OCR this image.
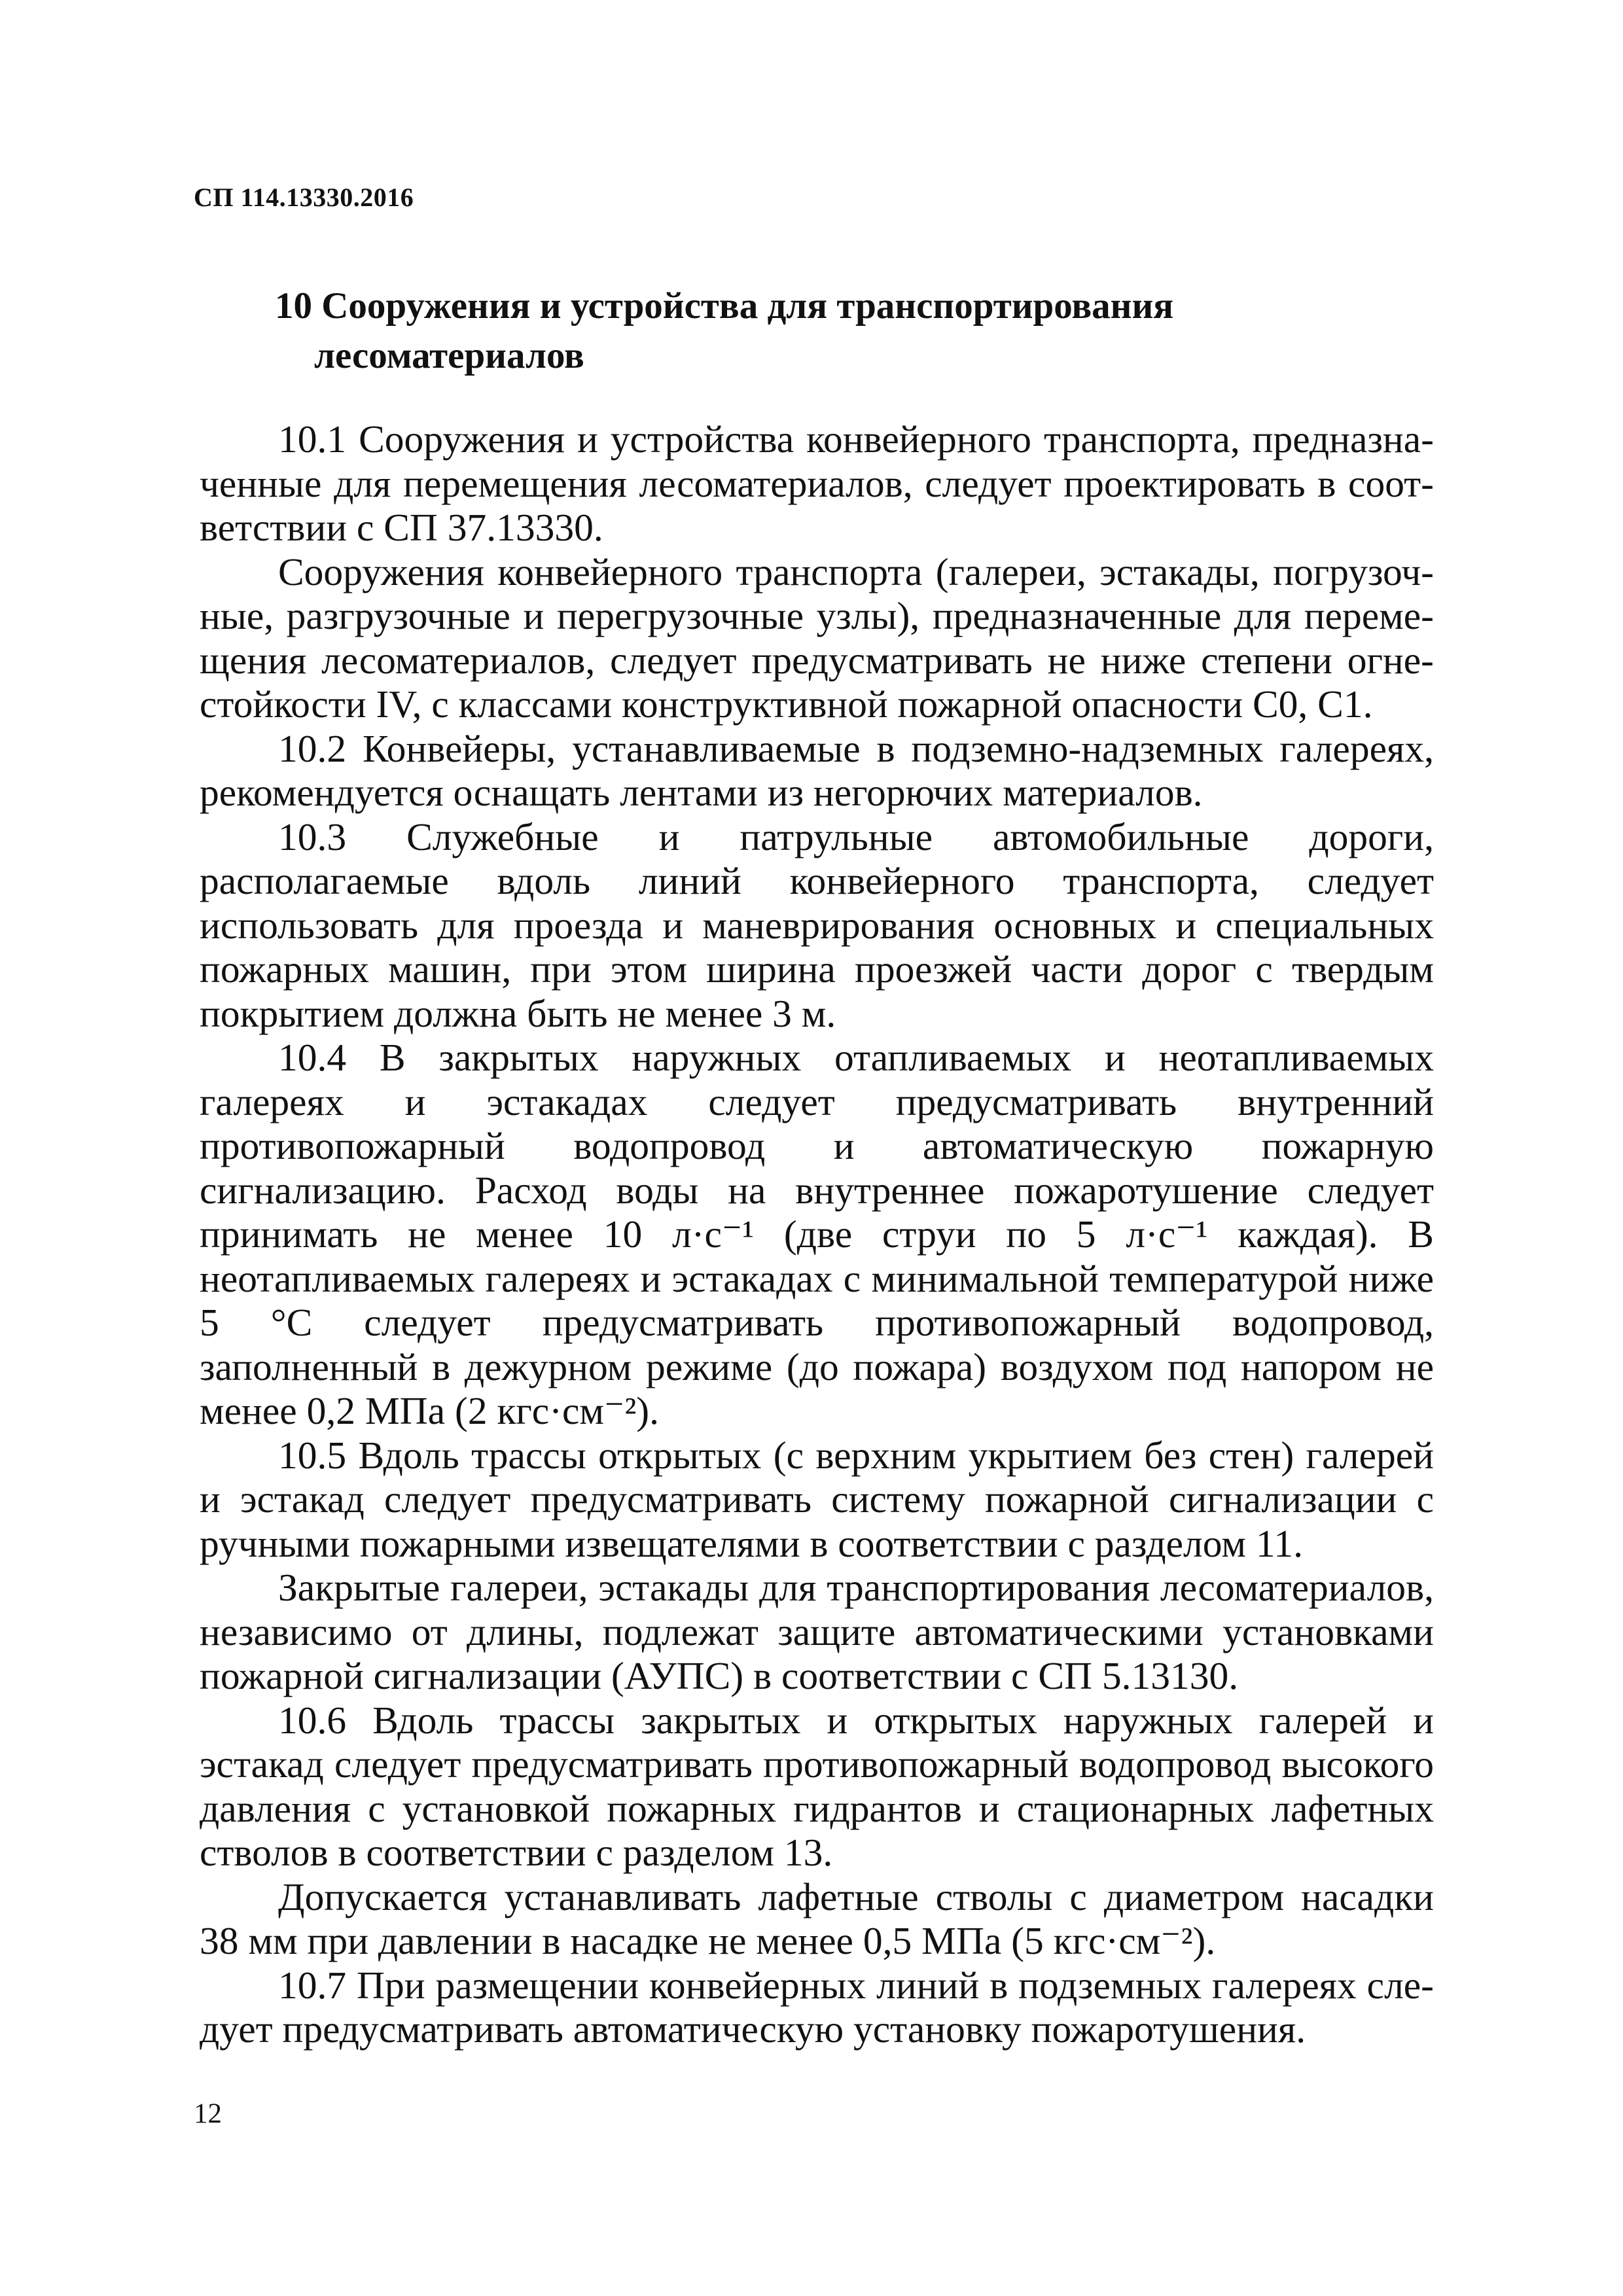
СП 114.13330.2016
10 Сооружения и устройства для транспортирования
лесоматериалов

10.1 Сооружения и устройства конвейерного транспорта, предназначенные для перемещения лесоматериалов, следует проектировать в соответствии с СП 37.13330.

Сооружения конвейерного транспорта (галереи, эстакады, погрузочные, разгрузочные и перегрузочные узлы), предназначенные для перемещения лесоматериалов, следует предусматривать не ниже степени огнестойкости IV, с классами конструктивной пожарной опасности С0, С1.

10.2 Конвейеры, устанавливаемые в подземно-надземных галереях, рекомендуется оснащать лентами из негорючих материалов.

10.3 Служебные и патрульные автомобильные дороги, располагаемые вдоль линий конвейерного транспорта, следует использовать для проезда и маневрирования основных и специальных пожарных машин, при этом ширина проезжей части дорог с твердым покрытием должна быть не менее 3 м.

10.4 В закрытых наружных отапливаемых и неотапливаемых галереях и эстакадах следует предусматривать внутренний противопожарный водопровод и автоматическую пожарную сигнализацию. Расход воды на внутреннее пожаротушение следует принимать не менее 10 л·с⁻¹ (две струи по 5 л·с⁻¹ каждая). В неотапливаемых галереях и эстакадах с минимальной температурой ниже 5 °С следует предусматривать противопожарный водопровод, заполненный в дежурном режиме (до пожара) воздухом под напором не менее 0,2 МПа (2 кгс·см⁻²).

10.5 Вдоль трассы открытых (с верхним укрытием без стен) галерей и эстакад следует предусматривать систему пожарной сигнализации с ручными пожарными извещателями в соответствии с разделом 11.

Закрытые галереи, эстакады для транспортирования лесоматериалов, независимо от длины, подлежат защите автоматическими установками пожарной сигнализации (АУПС) в соответствии с СП 5.13130.

10.6 Вдоль трассы закрытых и открытых наружных галерей и эстакад следует предусматривать противопожарный водопровод высокого давления с установкой пожарных гидрантов и стационарных лафетных стволов в соответствии с разделом 13.

Допускается устанавливать лафетные стволы с диаметром насадки 38 мм при давлении в насадке не менее 0,5 МПа (5 кгс·см⁻²).

10.7 При размещении конвейерных линий в подземных галереях следует предусматривать автоматическую установку пожаротушения.

12
